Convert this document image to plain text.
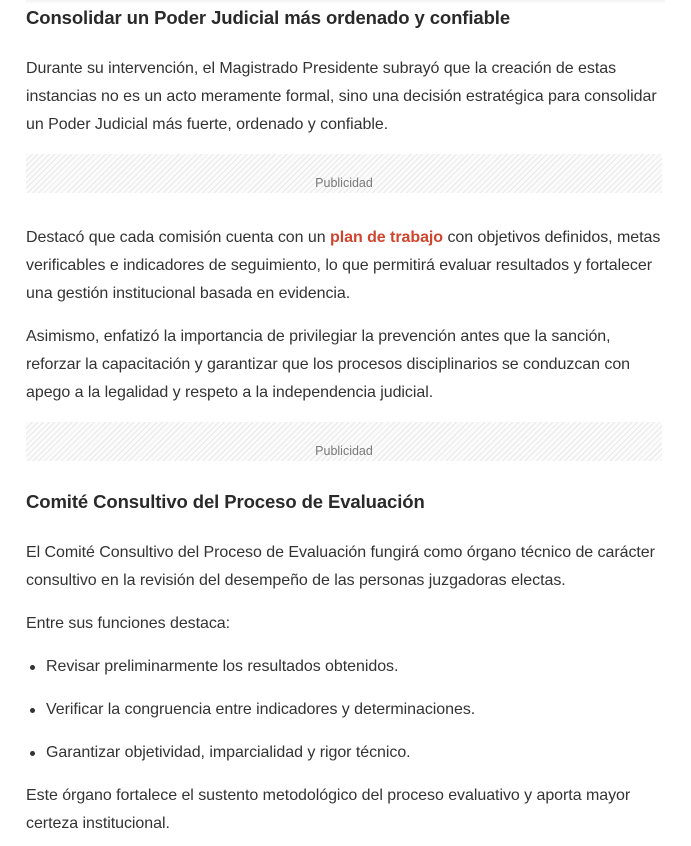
Consolidar un Poder Judicial más ordenado y confiable

Durante su intervención, el Magistrado Presidente subrayó que la creación de estas instancias no es un acto meramente formal, sino una decisión estratégica para consolidar un Poder Judicial más fuerte, ordenado y confiable.

Publicidad

Destacó que cada comisión cuenta con un plan de trabajo con objetivos definidos, metas verificables e indicadores de seguimiento, lo que permitirá evaluar resultados y fortalecer una gestión institucional basada en evidencia.

Asimismo, enfatizó la importancia de privilegiar la prevención antes que la sanción, reforzar la capacitación y garantizar que los procesos disciplinarios se conduzcan con apego a la legalidad y respeto a la independencia judicial.

Publicidad
Comité Consultivo del Proceso de Evaluación

El Comité Consultivo del Proceso de Evaluación fungirá como órgano técnico de carácter consultivo en la revisión del desempeño de las personas juzgadoras electas.

Entre sus funciones destaca:

Revisar preliminarmente los resultados obtenidos.
Verificar la congruencia entre indicadores y determinaciones.
Garantizar objetividad, imparcialidad y rigor técnico.

Este órgano fortalece el sustento metodológico del proceso evaluativo y aporta mayor certeza institucional.
